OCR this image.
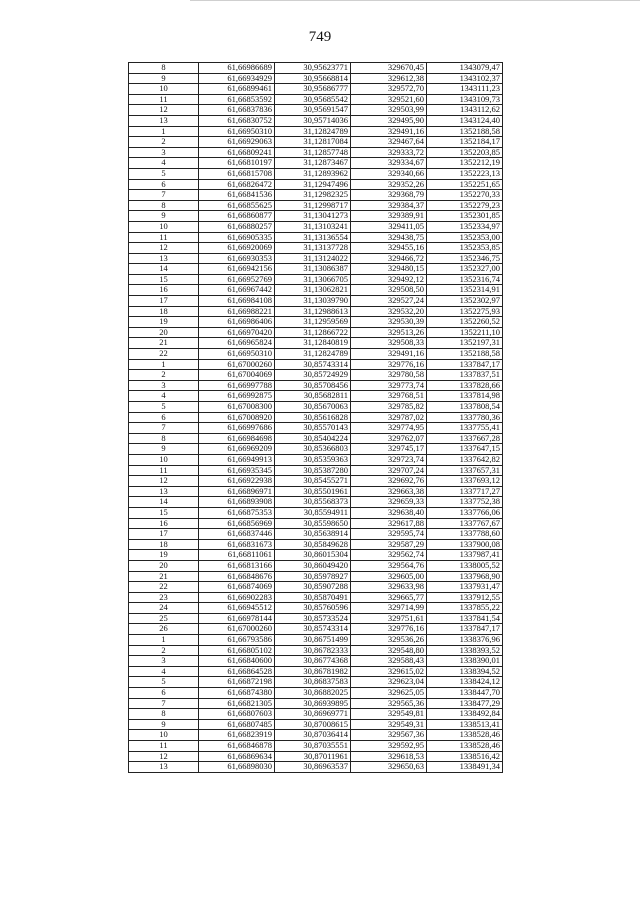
749
8	61,66986689	30,95623771	329670,45	1343079,47
9	61,66934929	30,95668814	329612,38	1343102,37
10	61,66899461	30,95686777	329572,70	1343111,23
11	61,66853592	30,95685542	329521,60	1343109,73
12	61,66837836	30,95691547	329503,99	1343112,62
13	61,66830752	30,95714036	329495,90	1343124,40
1	61,66950310	31,12824789	329491,16	1352188,58
2	61,66929063	31,12817084	329467,64	1352184,17
3	61,66809241	31,12857748	329333,72	1352203,85
4	61,66810197	31,12873467	329334,67	1352212,19
5	61,66815708	31,12893962	329340,66	1352223,13
6	61,66826472	31,12947496	329352,26	1352251,65
7	61,66841536	31,12982325	329368,79	1352270,33
8	61,66855625	31,12998717	329384,37	1352279,23
9	61,66860877	31,13041273	329389,91	1352301,85
10	61,66880257	31,13103241	329411,05	1352334,97
11	61,66905335	31,13136554	329438,75	1352353,00
12	61,66920069	31,13137728	329455,16	1352353,85
13	61,66930353	31,13124022	329466,72	1352346,75
14	61,66942156	31,13086387	329480,15	1352327,00
15	61,66952769	31,13066705	329492,12	1352316,74
16	61,66967442	31,13062821	329508,50	1352314,91
17	61,66984108	31,13039790	329527,24	1352302,97
18	61,66988221	31,12988613	329532,20	1352275,93
19	61,66986406	31,12959569	329530,39	1352260,52
20	61,66970420	31,12866722	329513,26	1352211,10
21	61,66965824	31,12840819	329508,33	1352197,31
22	61,66950310	31,12824789	329491,16	1352188,58
1	61,67000260	30,85743314	329776,16	1337847,17
2	61,67004069	30,85724929	329780,58	1337837,51
3	61,66997788	30,85708456	329773,74	1337828,66
4	61,66992875	30,85682811	329768,51	1337814,98
5	61,67008300	30,85670063	329785,82	1337808,54
6	61,67008920	30,85616828	329787,02	1337780,36
7	61,66997686	30,85570143	329774,95	1337755,41
8	61,66984698	30,85404224	329762,07	1337667,28
9	61,66969209	30,85366803	329745,17	1337647,15
10	61,66949913	30,85359363	329723,74	1337642,82
11	61,66935345	30,85387280	329707,24	1337657,31
12	61,66922938	30,85455271	329692,76	1337693,12
13	61,66896971	30,85501961	329663,38	1337717,27
14	61,66893908	30,85568373	329659,33	1337752,38
15	61,66875353	30,85594911	329638,40	1337766,06
16	61,66856969	30,85598650	329617,88	1337767,67
17	61,66837446	30,85638914	329595,74	1337788,60
18	61,66831673	30,85849628	329587,29	1337900,08
19	61,66811061	30,86015304	329562,74	1337987,41
20	61,66813166	30,86049420	329564,76	1338005,52
21	61,66848676	30,85978927	329605,00	1337968,90
22	61,66874069	30,85907288	329633,98	1337931,47
23	61,66902283	30,85870491	329665,77	1337912,55
24	61,66945512	30,85760596	329714,99	1337855,22
25	61,66978144	30,85733524	329751,61	1337841,54
26	61,67000260	30,85743314	329776,16	1337847,17
1	61,66793586	30,86751499	329536,26	1338376,96
2	61,66805102	30,86782333	329548,80	1338393,52
3	61,66840600	30,86774368	329588,43	1338390,01
4	61,66864528	30,86781982	329615,02	1338394,52
5	61,66872198	30,86837583	329623,04	1338424,12
6	61,66874380	30,86882025	329625,05	1338447,70
7	61,66821305	30,86939895	329565,36	1338477,29
8	61,66807603	30,86969771	329549,81	1338492,84
9	61,66807485	30,87008615	329549,31	1338513,41
10	61,66823919	30,87036414	329567,36	1338528,46
11	61,66846878	30,87035551	329592,95	1338528,46
12	61,66869634	30,87011961	329618,53	1338516,42
13	61,66898030	30,86963537	329650,63	1338491,34
